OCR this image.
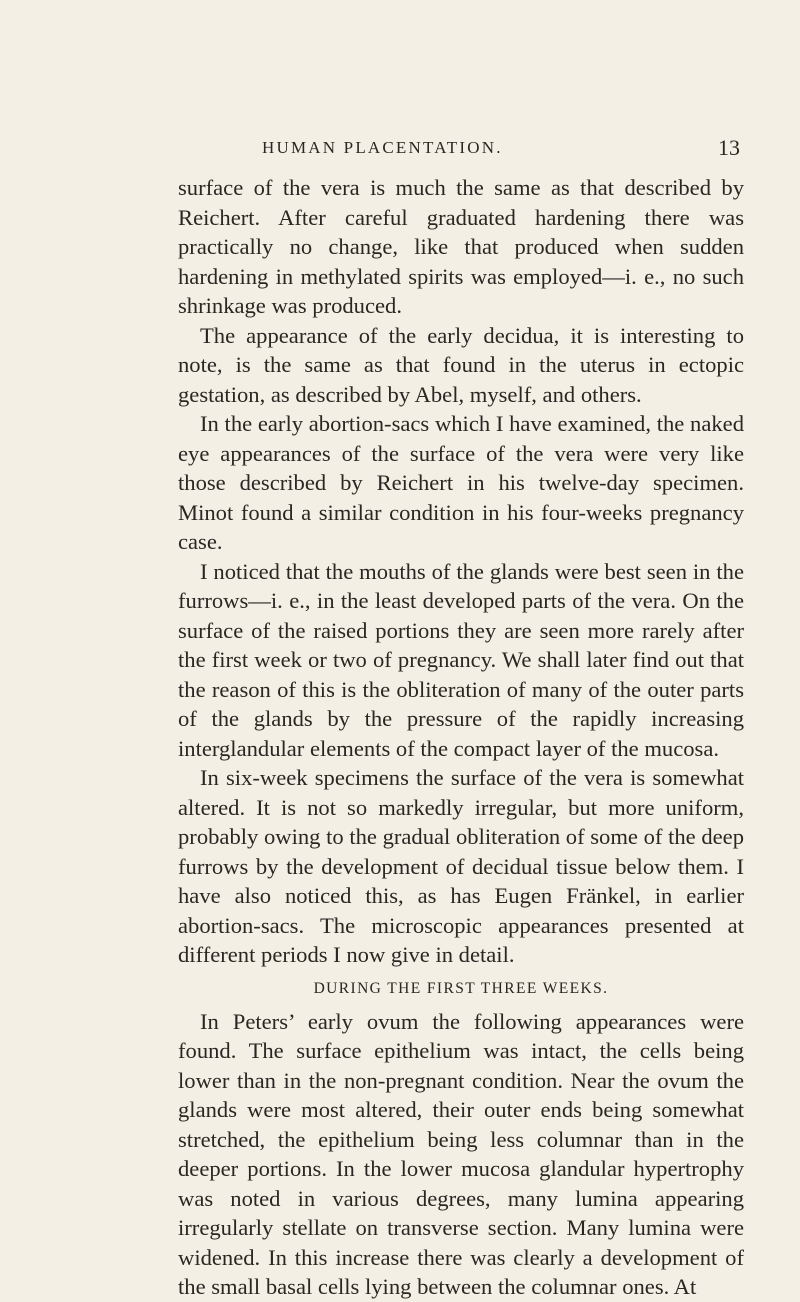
HUMAN PLACENTATION.	13

surface of the vera is much the same as that described by Reichert. After careful graduated hardening there was practically no change, like that produced when sudden hardening in methylated spirits was employed—i. e., no such shrinkage was produced.

The appearance of the early decidua, it is interesting to note, is the same as that found in the uterus in ectopic gestation, as described by Abel, myself, and others.

In the early abortion-sacs which I have examined, the naked eye appearances of the surface of the vera were very like those described by Reichert in his twelve-day specimen. Minot found a similar condition in his four-weeks pregnancy case.

I noticed that the mouths of the glands were best seen in the furrows—i. e., in the least developed parts of the vera. On the surface of the raised portions they are seen more rarely after the first week or two of pregnancy. We shall later find out that the reason of this is the obliteration of many of the outer parts of the glands by the pressure of the rapidly increasing interglandular elements of the compact layer of the mucosa.

In six-week specimens the surface of the vera is somewhat altered. It is not so markedly irregular, but more uniform, probably owing to the gradual obliteration of some of the deep furrows by the development of decidual tissue below them. I have also noticed this, as has Eugen Fränkel, in earlier abortion-sacs. The microscopic appearances presented at different periods I now give in detail.

DURING THE FIRST THREE WEEKS.

In Peters’ early ovum the following appearances were found. The surface epithelium was intact, the cells being lower than in the non-pregnant condition. Near the ovum the glands were most altered, their outer ends being somewhat stretched, the epithelium being less columnar than in the deeper portions. In the lower mucosa glandular hypertrophy was noted in various degrees, many lumina appearing irregularly stellate on transverse section. Many lumina were widened. In this increase there was clearly a development of the small basal cells lying between the columnar ones. At
